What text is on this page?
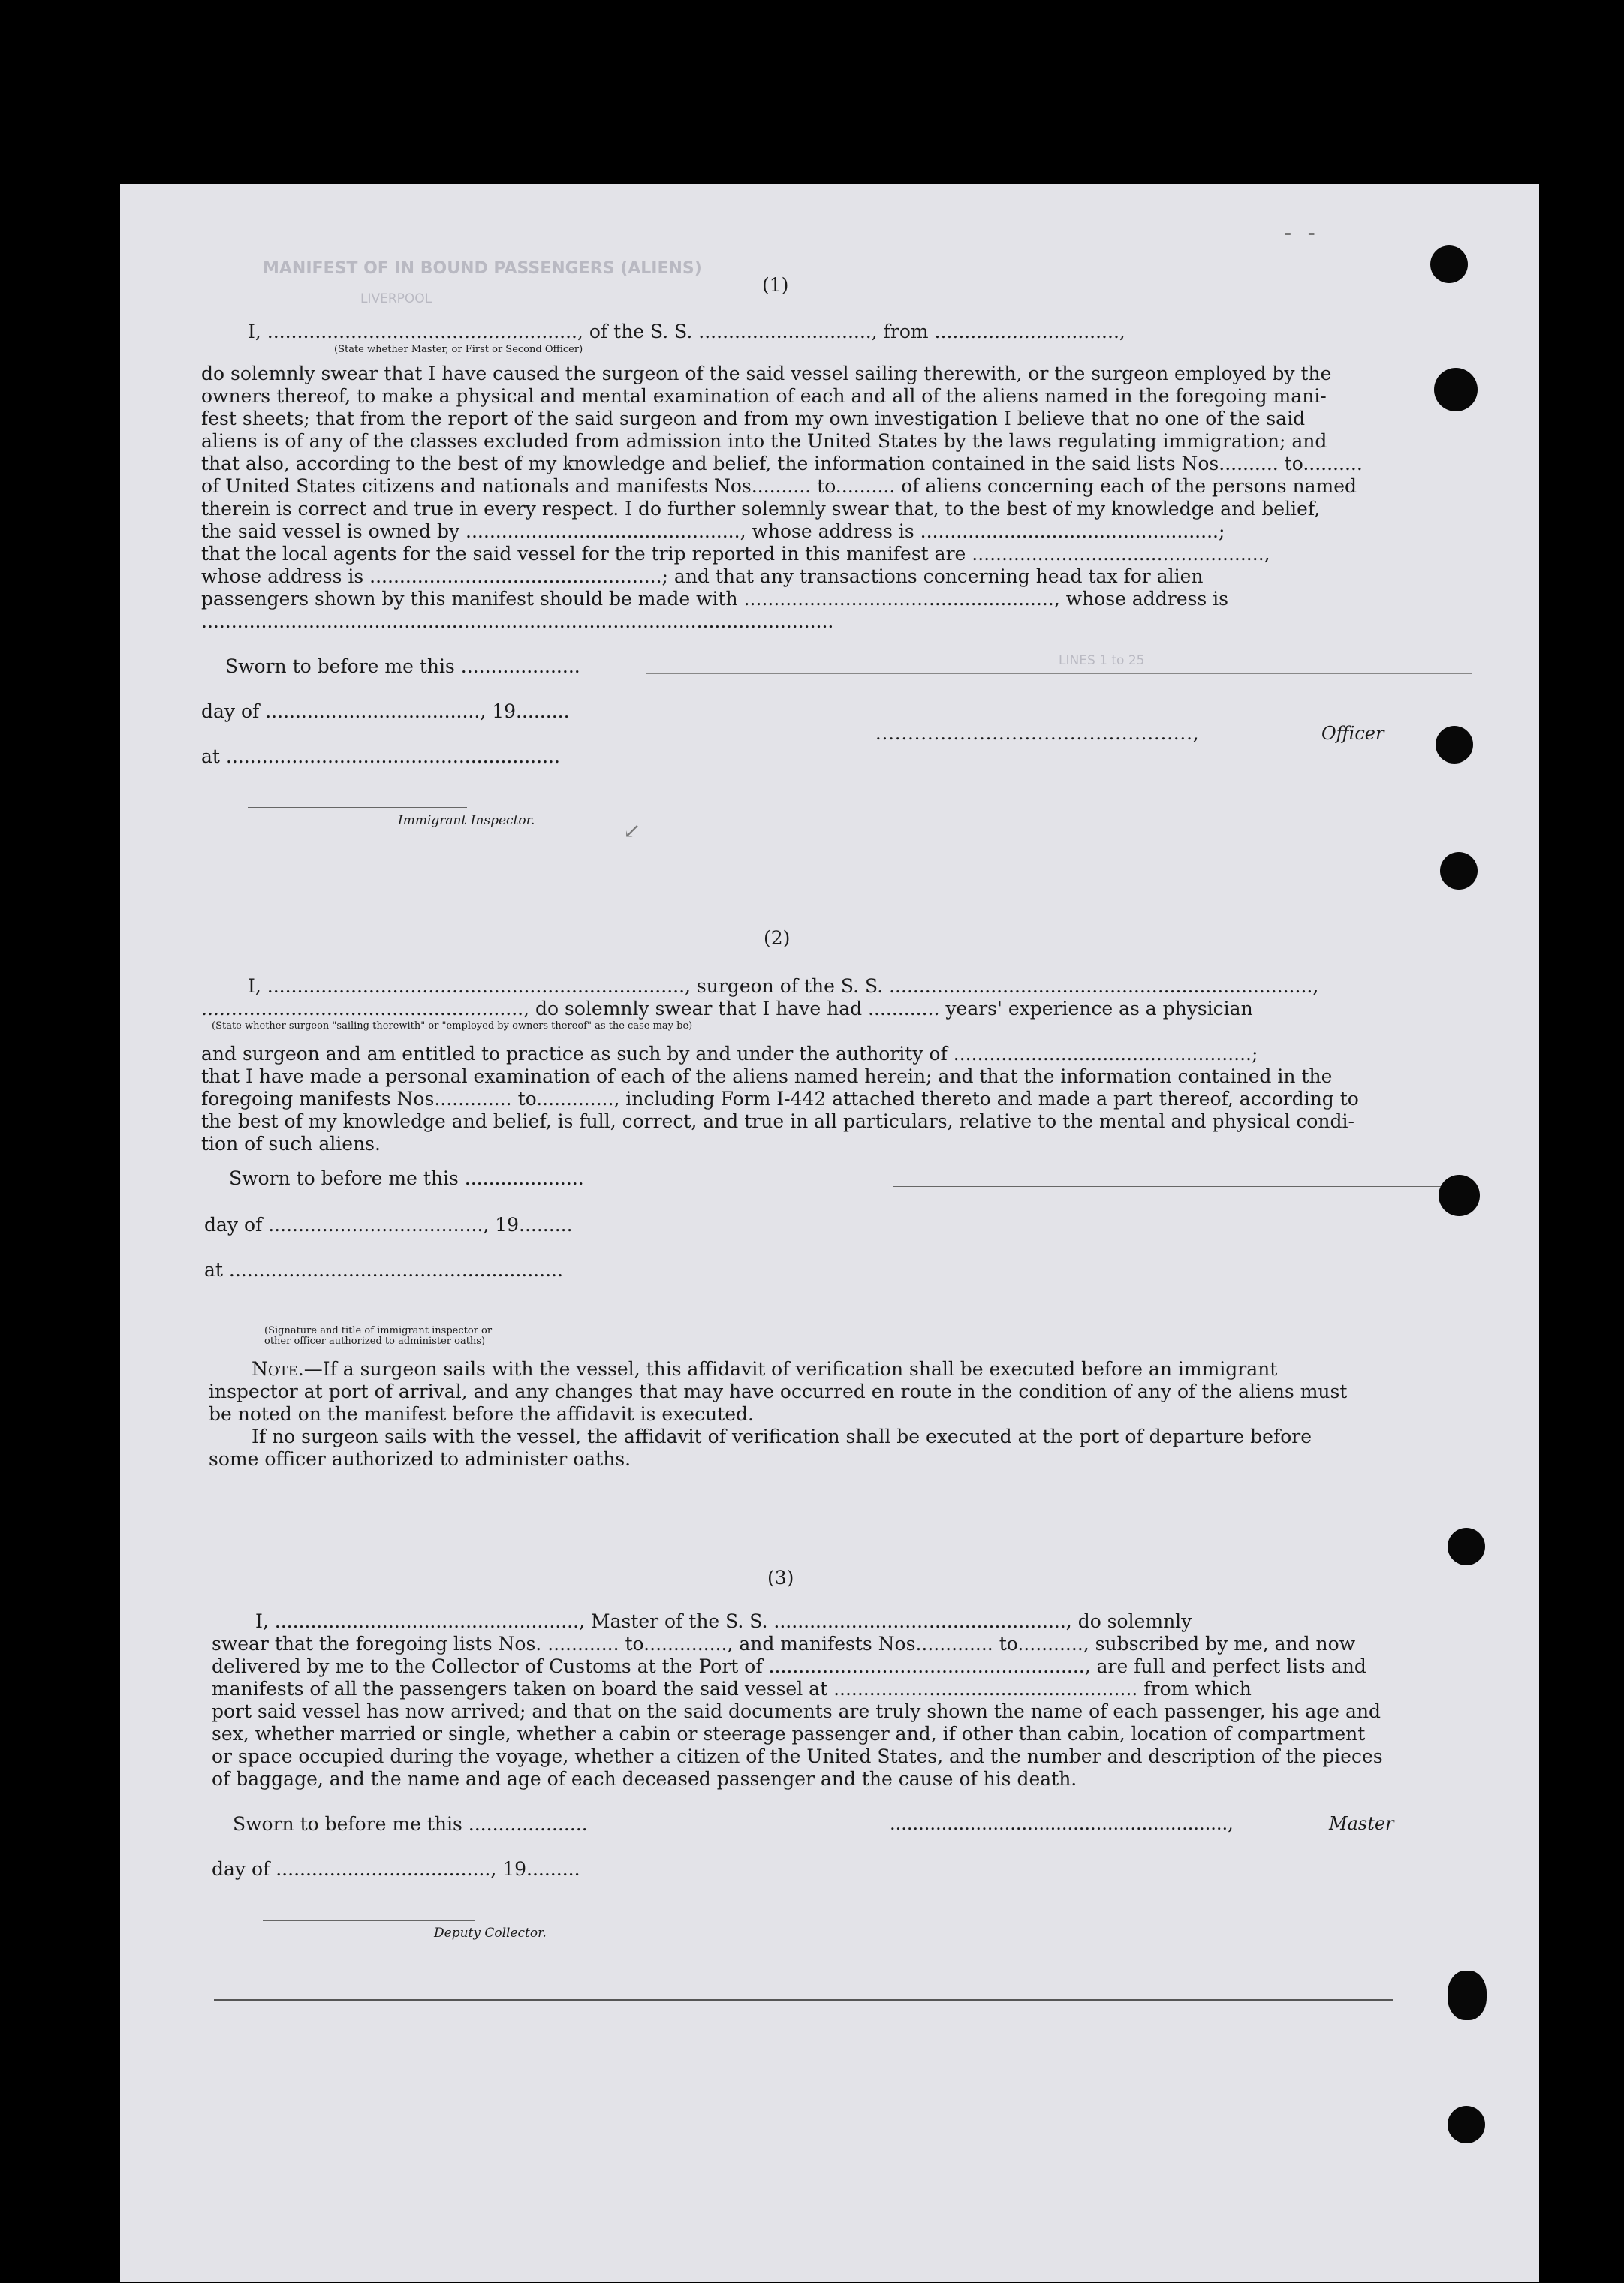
MANIFEST OF IN BOUND PASSENGERS (ALIENS)
LIVERPOOL
LINES 1 to 25
- -
(1)
I, ...................................................., of the S. S. ............................., from ...............................,
(State whether Master, or First or Second Officer)
do solemnly swear that I have caused the surgeon of the said vessel sailing therewith, or the surgeon employed by the
owners thereof, to make a physical and mental examination of each and all of the aliens named in the foregoing mani-
fest sheets; that from the report of the said surgeon and from my own investigation I believe that no one of the said
aliens is of any of the classes excluded from admission into the United States by the laws regulating immigration; and
that also, according to the best of my knowledge and belief, the information contained in the said lists Nos.......... to..........
of United States citizens and nationals and manifests Nos.......... to.......... of aliens concerning each of the persons named
therein is correct and true in every respect. I do further solemnly swear that, to the best of my knowledge and belief,
the said vessel is owned by .............................................., whose address is ..................................................;
that the local agents for the said vessel for the trip reported in this manifest are .................................................,
whose address is .................................................; and that any transactions concerning head tax for alien
passengers shown by this manifest should be made with ...................................................., whose address is
..........................................................................................................
Sworn to before me this ....................
day of ...................................., 19.........
at ........................................................
.................................................,	Officer
Immigrant Inspector.	↙
(2)
I, ......................................................................, surgeon of the S. S. .......................................................................,
......................................................, do solemnly swear that I have had ............ years' experience as a physician
(State whether surgeon "sailing therewith" or "employed by owners thereof" as the case may be)
and surgeon and am entitled to practice as such by and under the authority of ..................................................;
that I have made a personal examination of each of the aliens named herein; and that the information contained in the
foregoing manifests Nos............. to............., including Form I-442 attached thereto and made a part thereof, according to
the best of my knowledge and belief, is full, correct, and true in all particulars, relative to the mental and physical condi-
tion of such aliens.
Sworn to before me this ....................
day of ...................................., 19.........
at ........................................................
(Signature and title of immigrant inspector or
other officer authorized to administer oaths)
Note.—If a surgeon sails with the vessel, this affidavit of verification shall be executed before an immigrant
inspector at port of arrival, and any changes that may have occurred en route in the condition of any of the aliens must
be noted on the manifest before the affidavit is executed.
If no surgeon sails with the vessel, the affidavit of verification shall be executed at the port of departure before
some officer authorized to administer oaths.
(3)
I, ..................................................., Master of the S. S. ................................................., do solemnly
swear that the foregoing lists Nos. ............ to.............., and manifests Nos............. to..........., subscribed by me, and now
delivered by me to the Collector of Customs at the Port of ....................................................., are full and perfect lists and
manifests of all the passengers taken on board the said vessel at ................................................... from which
port said vessel has now arrived; and that on the said documents are truly shown the name of each passenger, his age and
sex, whether married or single, whether a cabin or steerage passenger and, if other than cabin, location of compartment
or space occupied during the voyage, whether a citizen of the United States, and the number and description of the pieces
of baggage, and the name and age of each deceased passenger and the cause of his death.
Sworn to before me this ....................	...........................................................,	Master
day of ...................................., 19.........
Deputy Collector.
